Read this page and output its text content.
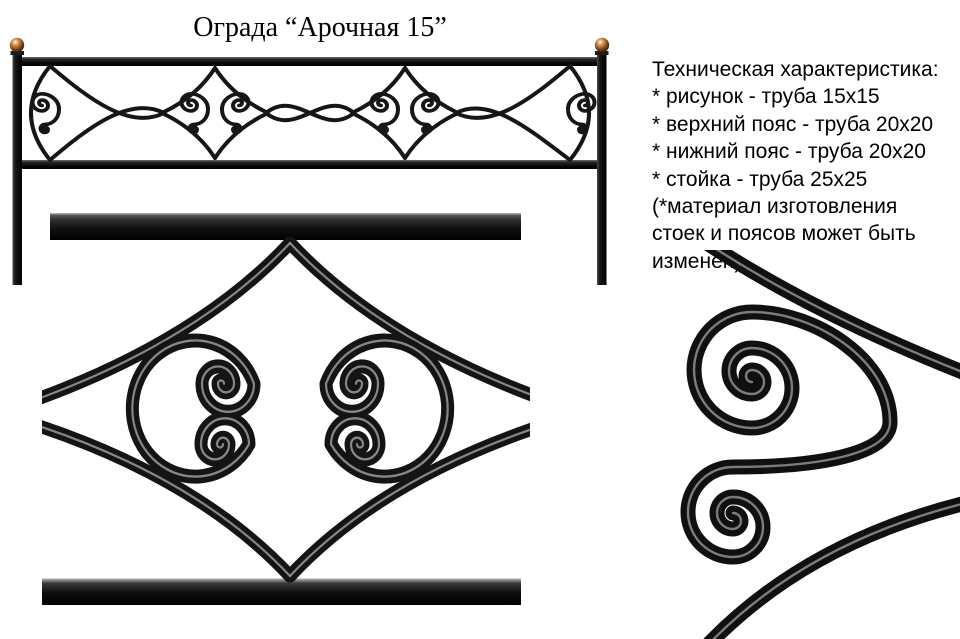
Ограда “Арочная 15”
Техническая характеристика:
* рисунок - труба 15х15
* верхний пояс - труба 20х20
* нижний пояс - труба 20х20
* стойка - труба 25х25
(*материал изготовления
стоек и поясов может быть
изменен)
